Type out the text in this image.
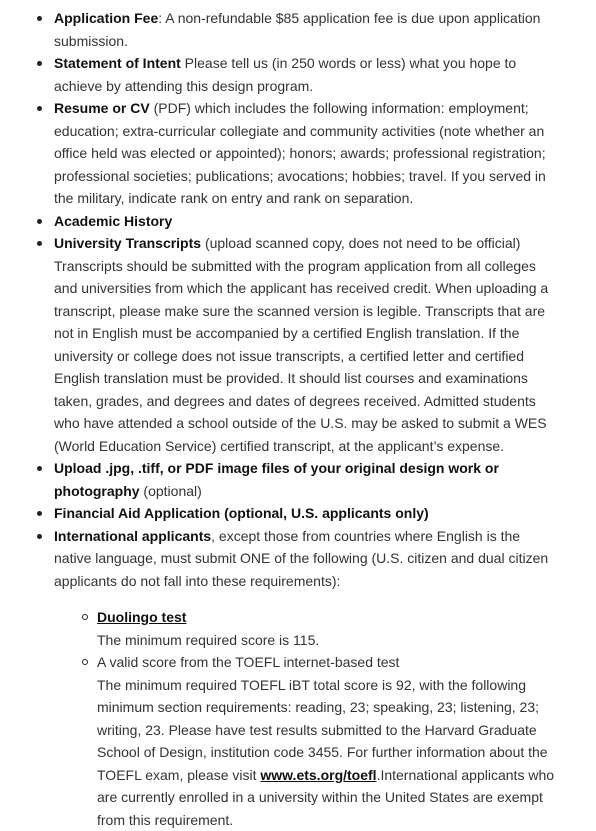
Application Fee: A non-refundable $85 application fee is due upon application submission.
Statement of Intent Please tell us (in 250 words or less) what you hope to achieve by attending this design program.
Resume or CV (PDF) which includes the following information: employment; education; extra-curricular collegiate and community activities (note whether an office held was elected or appointed); honors; awards; professional registration; professional societies; publications; avocations; hobbies; travel. If you served in the military, indicate rank on entry and rank on separation.
Academic History
University Transcripts (upload scanned copy, does not need to be official) Transcripts should be submitted with the program application from all colleges and universities from which the applicant has received credit. When uploading a transcript, please make sure the scanned version is legible. Transcripts that are not in English must be accompanied by a certified English translation. If the university or college does not issue transcripts, a certified letter and certified English translation must be provided. It should list courses and examinations taken, grades, and degrees and dates of degrees received. Admitted students who have attended a school outside of the U.S. may be asked to submit a WES (World Education Service) certified transcript, at the applicant’s expense.
Upload .jpg, .tiff, or PDF image files of your original design work or photography (optional)
Financial Aid Application (optional, U.S. applicants only)
International applicants, except those from countries where English is the native language, must submit ONE of the following (U.S. citizen and dual citizen applicants do not fall into these requirements):
Duolingo test
The minimum required score is 115.
A valid score from the TOEFL internet-based test
The minimum required TOEFL iBT total score is 92, with the following minimum section requirements: reading, 23; speaking, 23; listening, 23; writing, 23. Please have test results submitted to the Harvard Graduate School of Design, institution code 3455. For further information about the TOEFL exam, please visit www.ets.org/toefl.International applicants who are currently enrolled in a university within the United States are exempt from this requirement.
